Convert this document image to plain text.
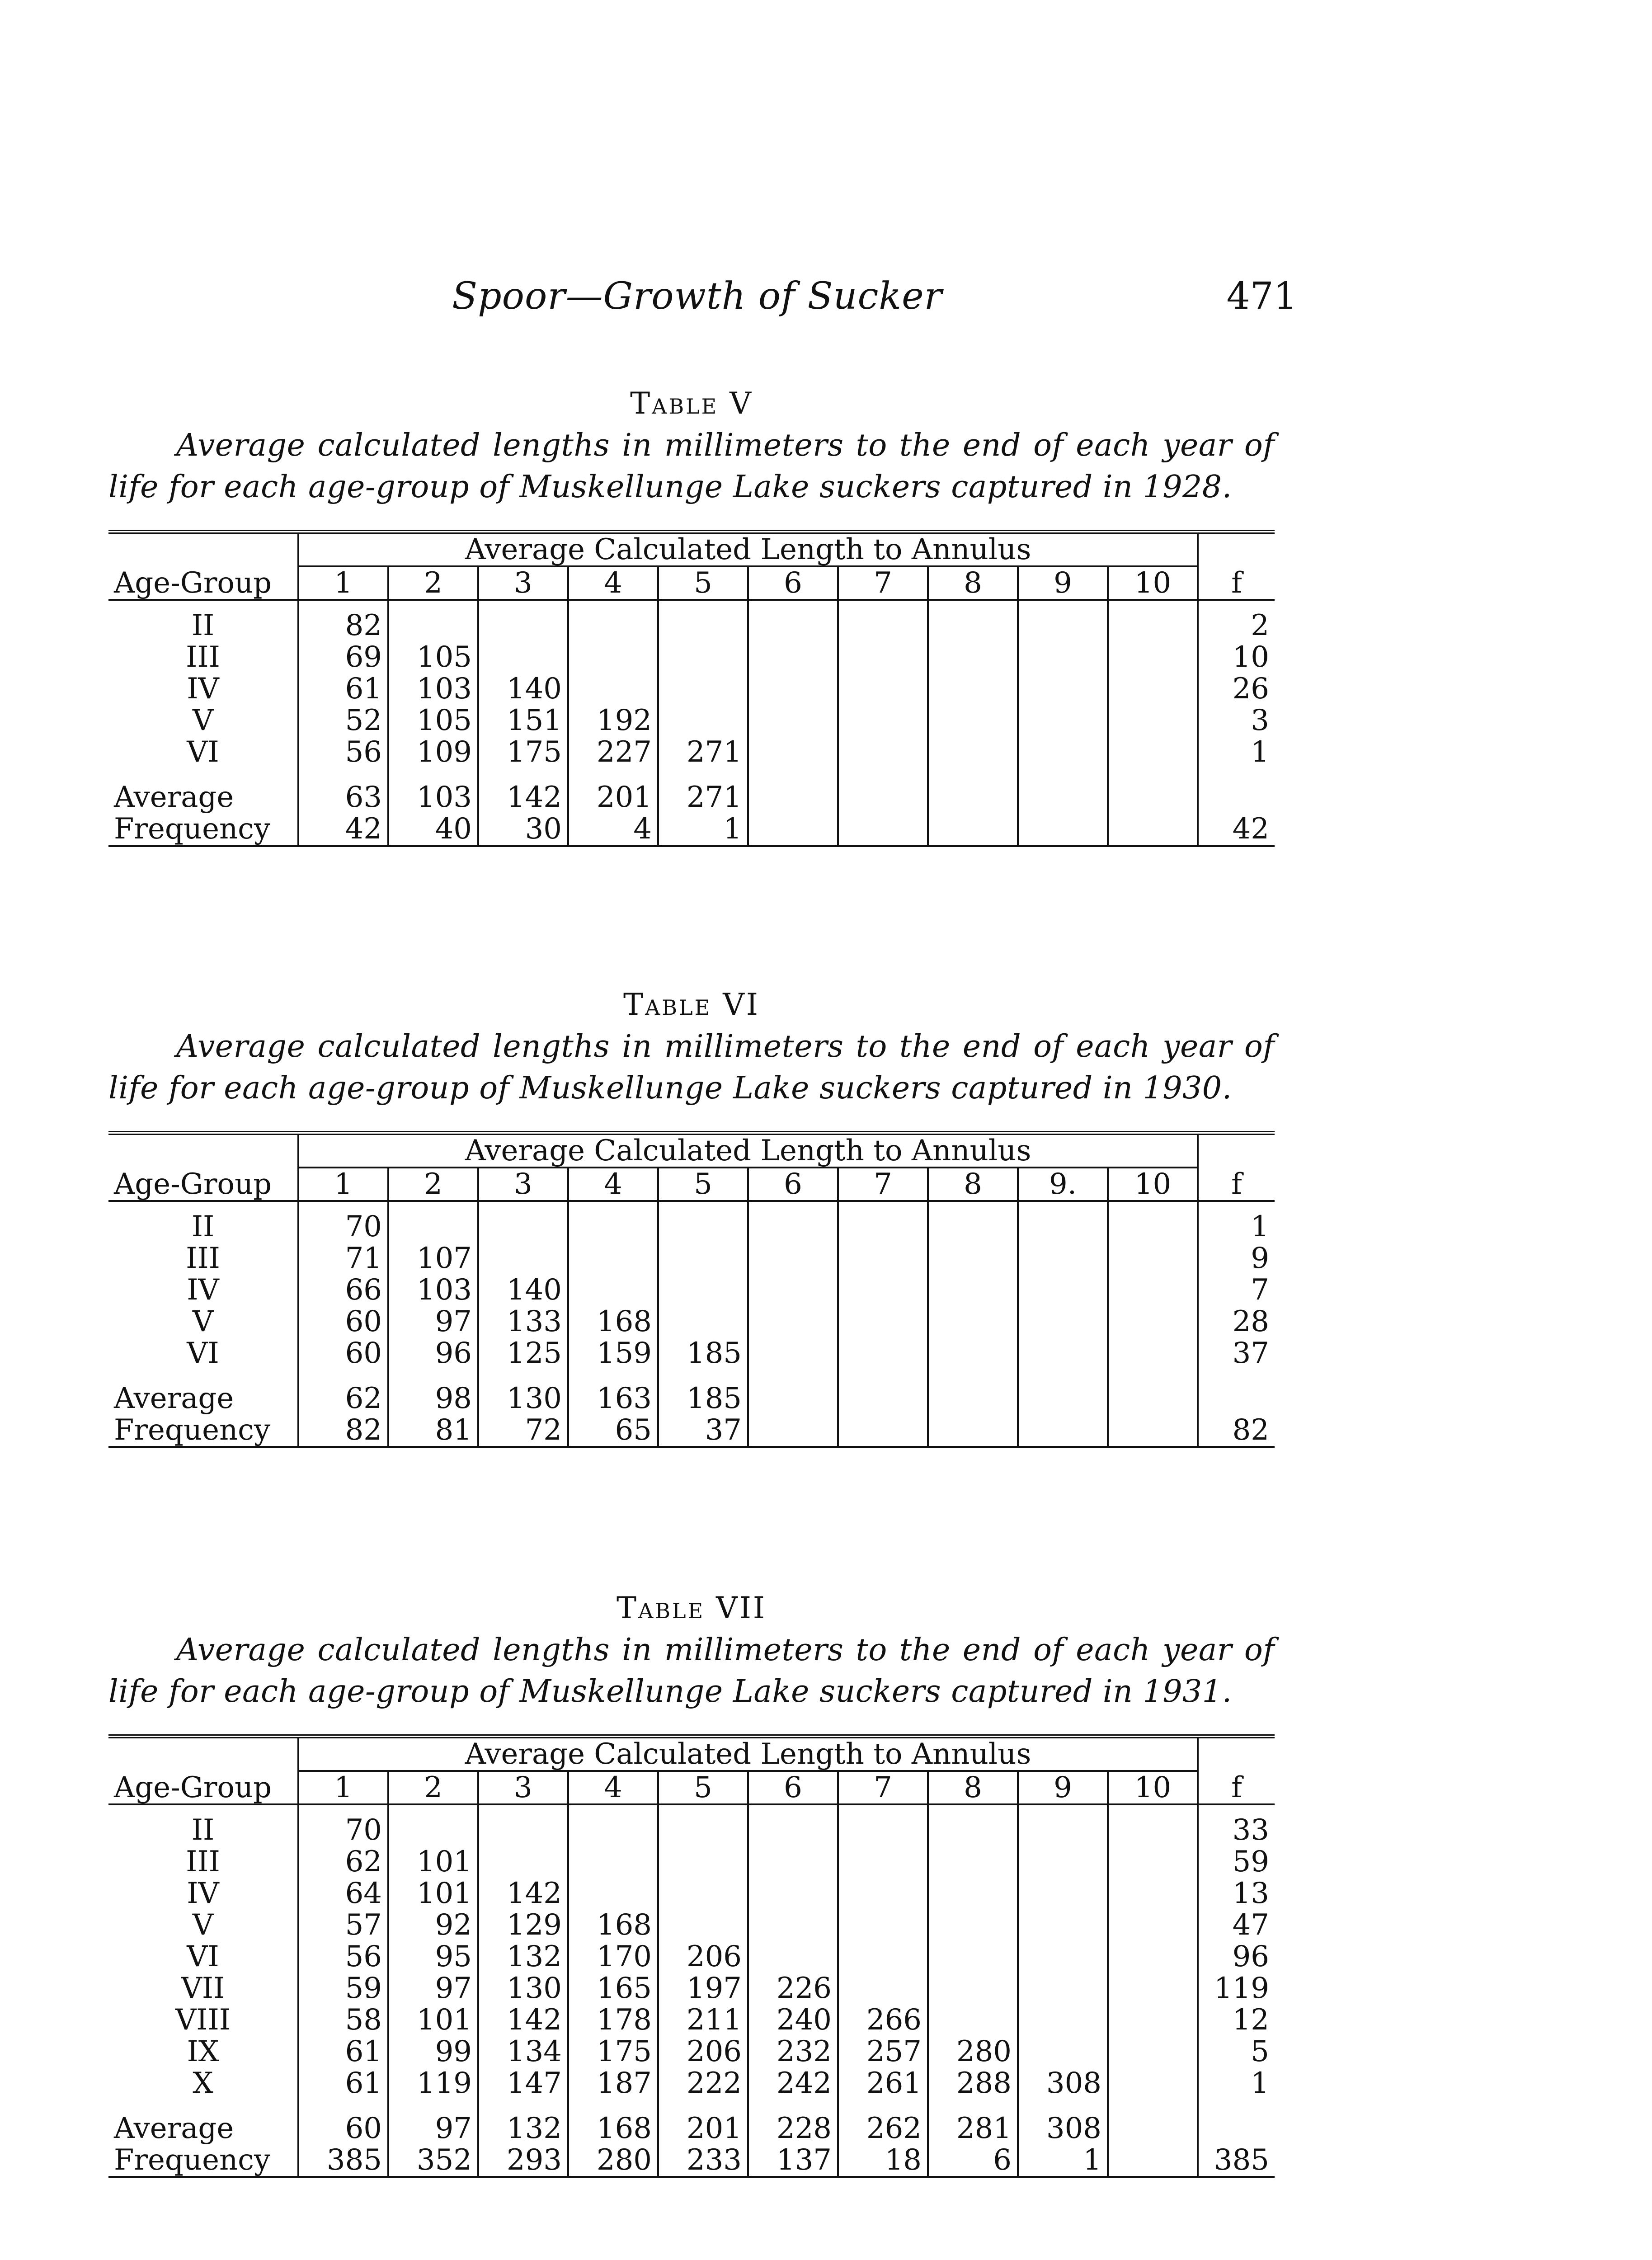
Spoor—Growth of Sucker	471
Table V
Average calculated lengths in millimeters to the end of each year of life for each age-group of Muskellunge Lake suckers captured in 1928.
	Average Calculated Length to Annulus										
Age-Group	1	2	3	4	5	6	7	8	9	10	f
II	82										2
III	69	105									10
IV	61	103	140								26
V	52	105	151	192							3
VI	56	109	175	227	271						1

Average	63	103	142	201	271						
Frequency	42	40	30	4	1						42
Table VI
Average calculated lengths in millimeters to the end of each year of life for each age-group of Muskellunge Lake suckers captured in 1930.
	Average Calculated Length to Annulus										
Age-Group	1	2	3	4	5	6	7	8	9.	10	f
II	70										1
III	71	107									9
IV	66	103	140								7
V	60	97	133	168							28
VI	60	96	125	159	185						37

Average	62	98	130	163	185						
Frequency	82	81	72	65	37						82
Table VII
Average calculated lengths in millimeters to the end of each year of life for each age-group of Muskellunge Lake suckers captured in 1931.
	Average Calculated Length to Annulus										
Age-Group	1	2	3	4	5	6	7	8	9	10	f
II	70										33
III	62	101									59
IV	64	101	142								13
V	57	92	129	168							47
VI	56	95	132	170	206						96
VII	59	97	130	165	197	226					119
VIII	58	101	142	178	211	240	266				12
IX	61	99	134	175	206	232	257	280			5
X	61	119	147	187	222	242	261	288	308		1

Average	60	97	132	168	201	228	262	281	308		
Frequency	385	352	293	280	233	137	18	6	1		385
